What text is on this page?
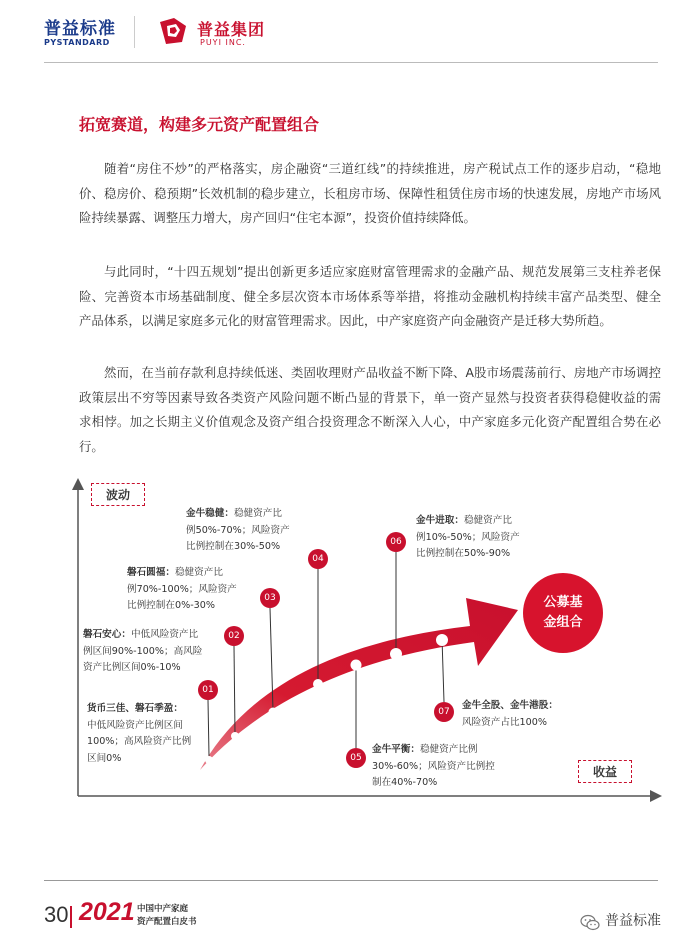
普益标准
PYSTANDARD
普益集团
PUYI INC.
拓宽赛道，构建多元资产配置组合

随着“房住不炒”的严格落实，房企融资“三道红线”的持续推进，房产税试点工作的逐步启动，“稳地价、稳房价、稳预期”长效机制的稳步建立，长租房市场、保障性租赁住房市场的快速发展，房地产市场风险持续暴露、调整压力增大，房产回归“住宅本源”，投资价值持续降低。

与此同时，“十四五规划”提出创新更多适应家庭财富管理需求的金融产品、规范发展第三支柱养老保险、完善资本市场基础制度、健全多层次资本市场体系等举措，将推动金融机构持续丰富产品类型、健全产品体系，以满足家庭多元化的财富管理需求。因此，中产家庭资产向金融资产是迁移大势所趋。

然而，在当前存款利息持续低迷、类固收理财产品收益不断下降、A股市场震荡前行、房地产市场调控政策层出不穷等因素导致各类资产风险问题不断凸显的背景下，单一资产显然与投资者获得稳健收益的需求相悖。加之长期主义价值观念及资产组合投资理念不断深入人心，中产家庭多元化资产配置组合势在必行。

波动
收益
公募基
金组合
01
02
03
04
05
06
07
货币三佳、磐石季盈：
中低风险资产比例区间
100%；高风险资产比例
区间0%
磐石安心：中低风险资产比
例区间90%-100%；高风险
资产比例区间0%-10%
磐石圆福：稳健资产比
例70%-100%；风险资产
比例控制在0%-30%
金牛稳健：稳健资产比
例50%-70%；风险资产
比例控制在30%-50%
金牛平衡：稳健资产比例
30%-60%；风险资产比例控
制在40%-70%
金牛进取：稳健资产比
例10%-50%；风险资产
比例控制在50%-90%
金牛全股、金牛港股：
风险资产占比100%
30 2021 中国中产家庭
资产配置白皮书	普益标准
